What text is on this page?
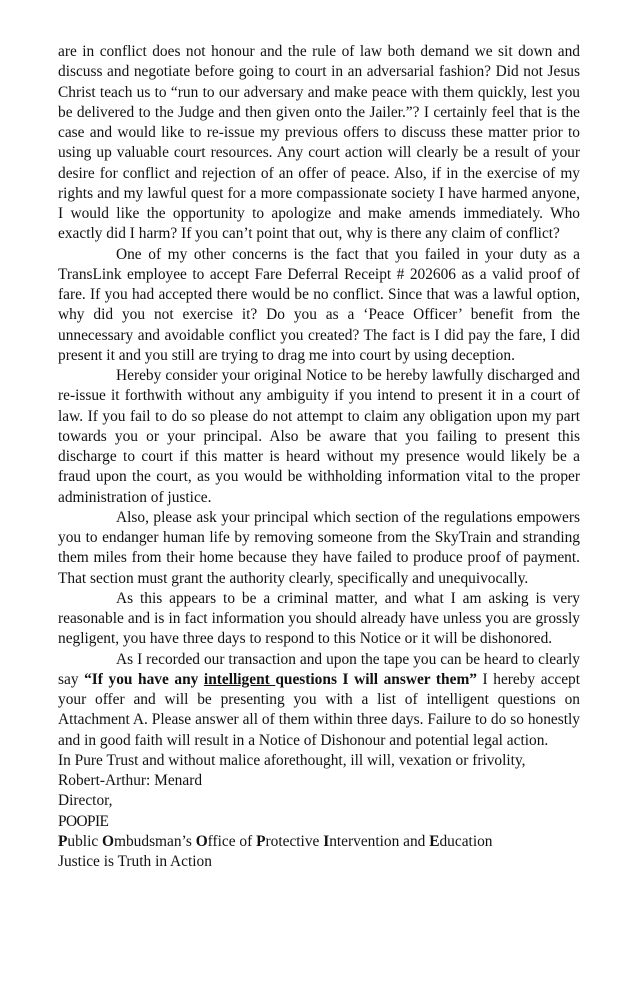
are in conflict does not honour and the rule of law both demand we sit down and discuss and negotiate before going to court in an adversarial fashion? Did not Jesus Christ teach us to “run to our adversary and make peace with them quickly, lest you be delivered to the Judge and then given onto the Jailer.”? I certainly feel that is the case and would like to re-issue my previous offers to discuss these matter prior to using up valuable court resources. Any court action will clearly be a result of your desire for conflict and rejection of an offer of peace. Also, if in the exercise of my rights and my lawful quest for a more compassionate society I have harmed anyone, I would like the opportunity to apologize and make amends immediately. Who exactly did I harm? If you can’t point that out, why is there any claim of conflict?

One of my other concerns is the fact that you failed in your duty as a TransLink employee to accept Fare Deferral Receipt # 202606 as a valid proof of fare. If you had accepted there would be no conflict. Since that was a lawful option, why did you not exercise it? Do you as a ‘Peace Officer’ benefit from the unnecessary and avoidable conflict you created? The fact is I did pay the fare, I did present it and you still are trying to drag me into court by using deception.

Hereby consider your original Notice to be hereby lawfully discharged and re-issue it forthwith without any ambiguity if you intend to present it in a court of law. If you fail to do so please do not attempt to claim any obligation upon my part towards you or your principal. Also be aware that you failing to present this discharge to court if this matter is heard without my presence would likely be a fraud upon the court, as you would be withholding information vital to the proper administration of justice.

Also, please ask your principal which section of the regulations empowers you to endanger human life by removing someone from the SkyTrain and stranding them miles from their home because they have failed to produce proof of payment. That section must grant the authority clearly, specifically and unequivocally.

As this appears to be a criminal matter, and what I am asking is very reasonable and is in fact information you should already have unless you are grossly negligent, you have three days to respond to this Notice or it will be dishonored.

As I recorded our transaction and upon the tape you can be heard to clearly say “If you have any intelligent questions I will answer them” I hereby accept your offer and will be presenting you with a list of intelligent questions on Attachment A. Please answer all of them within three days. Failure to do so honestly and in good faith will result in a Notice of Dishonour and potential legal action.

In Pure Trust and without malice aforethought, ill will, vexation or frivolity,

Robert-Arthur: Menard

Director,

POOPIE

Public Ombudsman’s Office of Protective Intervention and Education

Justice is Truth in Action
